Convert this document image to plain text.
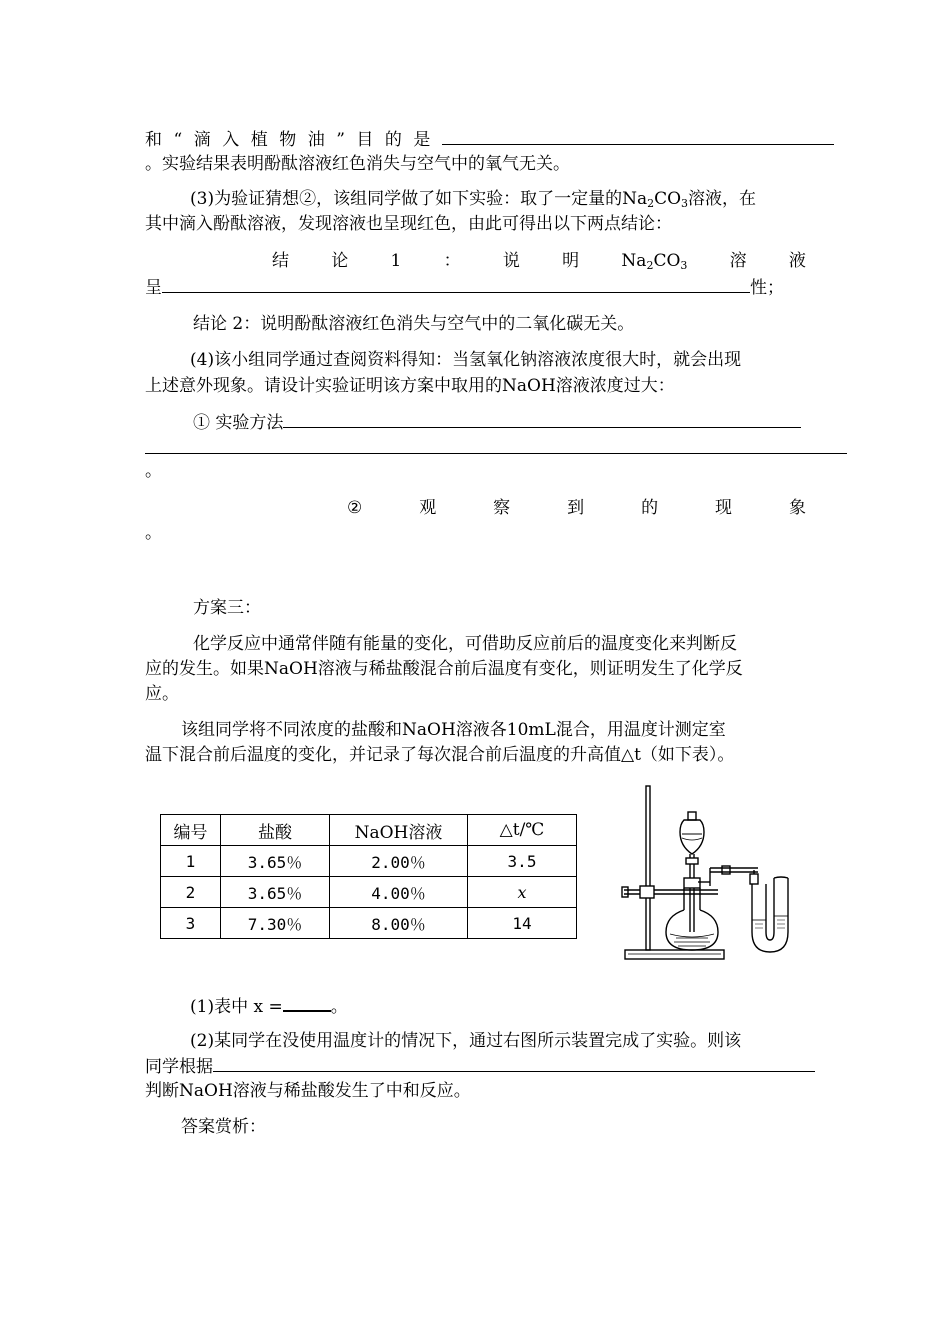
和“滴入植物油”目的是
。实验结果表明酚酞溶液红色消失与空气中的氧气无关。
(3)为验证猜想②，该组同学做了如下实验：取了一定量的$Na_2CO_3$溶液，在
其中滴入酚酞溶液，发现溶液也呈现红色，由此可得出以下两点结论：
结 论 1 ： 说 明 $Na_2CO_3$ 溶 液
呈	性；
结论 2：说明酚酞溶液红色消失与空气中的二氧化碳无关。
(4)该小组同学通过查阅资料得知：当氢氧化钠溶液浓度很大时，就会出现
上述意外现象。请设计实验证明该方案中取用的NaOH溶液浓度过大：
① 实验方法
。
②	观	察	到	的	现	象
。
方案三：
化学反应中通常伴随有能量的变化，可借助反应前后的温度变化来判断反
应的发生。如果NaOH溶液与稀盐酸混合前后温度有变化，则证明发生了化学反
应。
该组同学将不同浓度的盐酸和NaOH溶液各10mL混合，用温度计测定室
温下混合前后温度的变化，并记录了每次混合前后温度的升高值△t（如下表）。
编号	盐酸	NaOH溶液	△t/℃
1	3.65％	2.00％	3.5
2	3.65％	4.00％	x
3	7.30％	8.00％	14
(1)表中 x =	。
(2)某同学在没使用温度计的情况下，通过右图所示装置完成了实验。则该
同学根据
判断NaOH溶液与稀盐酸发生了中和反应。
答案赏析：
